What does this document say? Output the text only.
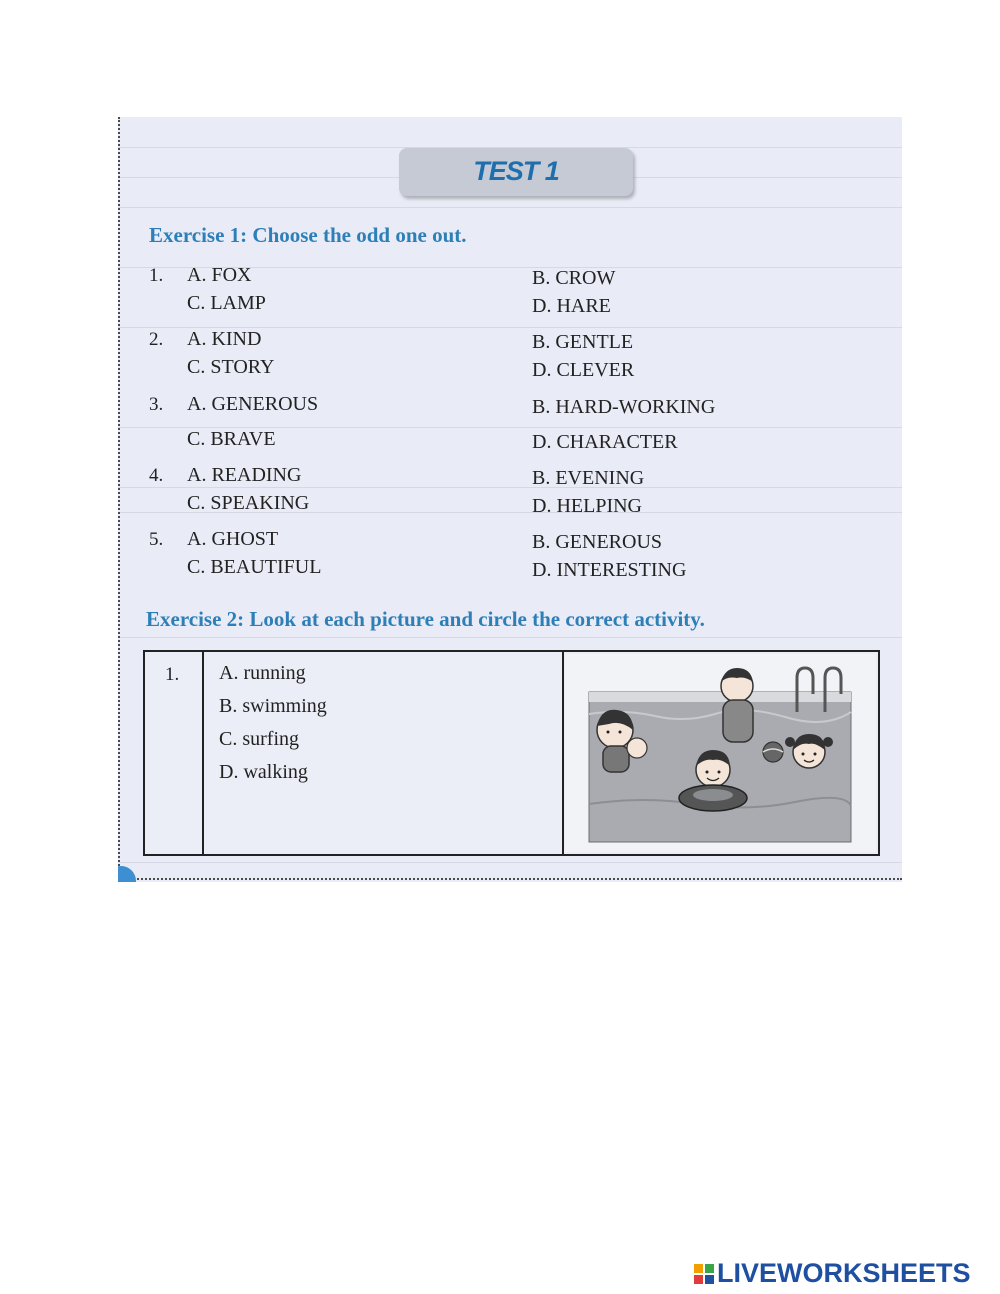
TEST 1
Exercise 1: Choose the odd one out.
1. A. FOX	B. CROW
C. LAMP	D. HARE
2. A. KIND	B. GENTLE
C. STORY	D. CLEVER
3. A. GENEROUS	B. HARD-WORKING
C. BRAVE	D. CHARACTER
4. A. READING	B. EVENING
C. SPEAKING	D. HELPING
5. A. GHOST	B. GENEROUS
C. BEAUTIFUL	D. INTERESTING
Exercise 2: Look at each picture and circle the correct activity.
1. A. running
B. swimming
C. surfing
D. walking
LIVEWORKSHEETS
